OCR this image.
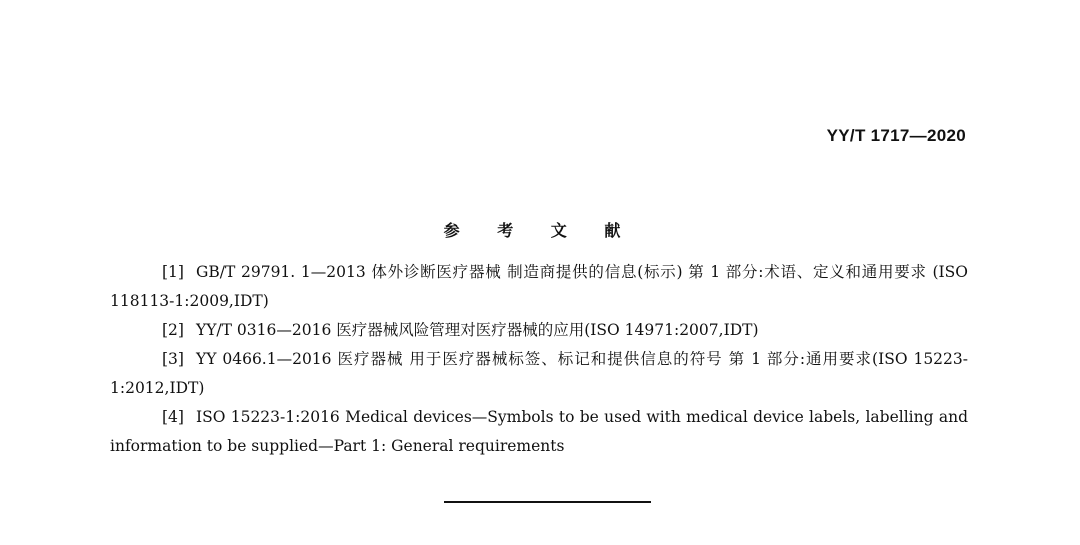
YY/T 1717—2020
参 考 文 献
[1] GB/T 29791. 1—2013 体外诊断医疗器械 制造商提供的信息(标示) 第 1 部分:术语、定义和通用要求 (ISO 118113-1:2009,IDT)
[2] YY/T 0316—2016 医疗器械风险管理对医疗器械的应用(ISO 14971:2007,IDT)
[3] YY 0466.1—2016 医疗器械 用于医疗器械标签、标记和提供信息的符号 第 1 部分:通用要求(ISO 15223-1:2012,IDT)
[4] ISO 15223-1:2016 Medical devices—Symbols to be used with medical device labels, labelling and information to be supplied—Part 1: General requirements
